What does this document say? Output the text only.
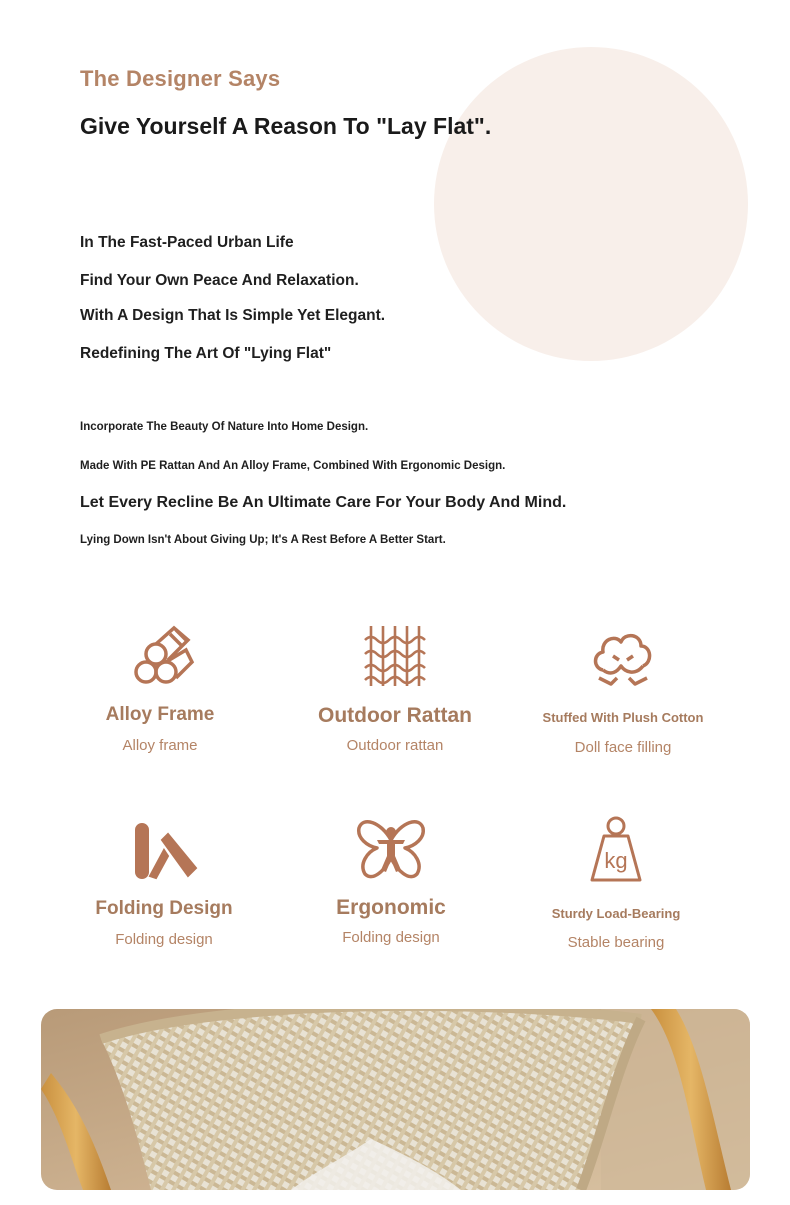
The Designer Says
Give Yourself A Reason To "Lay Flat".
In The Fast-Paced Urban Life
Find Your Own Peace And Relaxation.
With A Design That Is Simple Yet Elegant.
Redefining The Art Of "Lying Flat"
Incorporate The Beauty Of Nature Into Home Design.
Made With PE Rattan And An Alloy Frame, Combined With Ergonomic Design.
Let Every Recline Be An Ultimate Care For Your Body And Mind.
Lying Down Isn't About Giving Up; It's A Rest Before A Better Start.
Alloy Frame
Alloy frame
Outdoor Rattan
Outdoor rattan
Stuffed With Plush Cotton
Doll face filling
Folding Design
Folding design
Ergonomic
Folding design
kg
Sturdy Load-Bearing
Stable bearing
